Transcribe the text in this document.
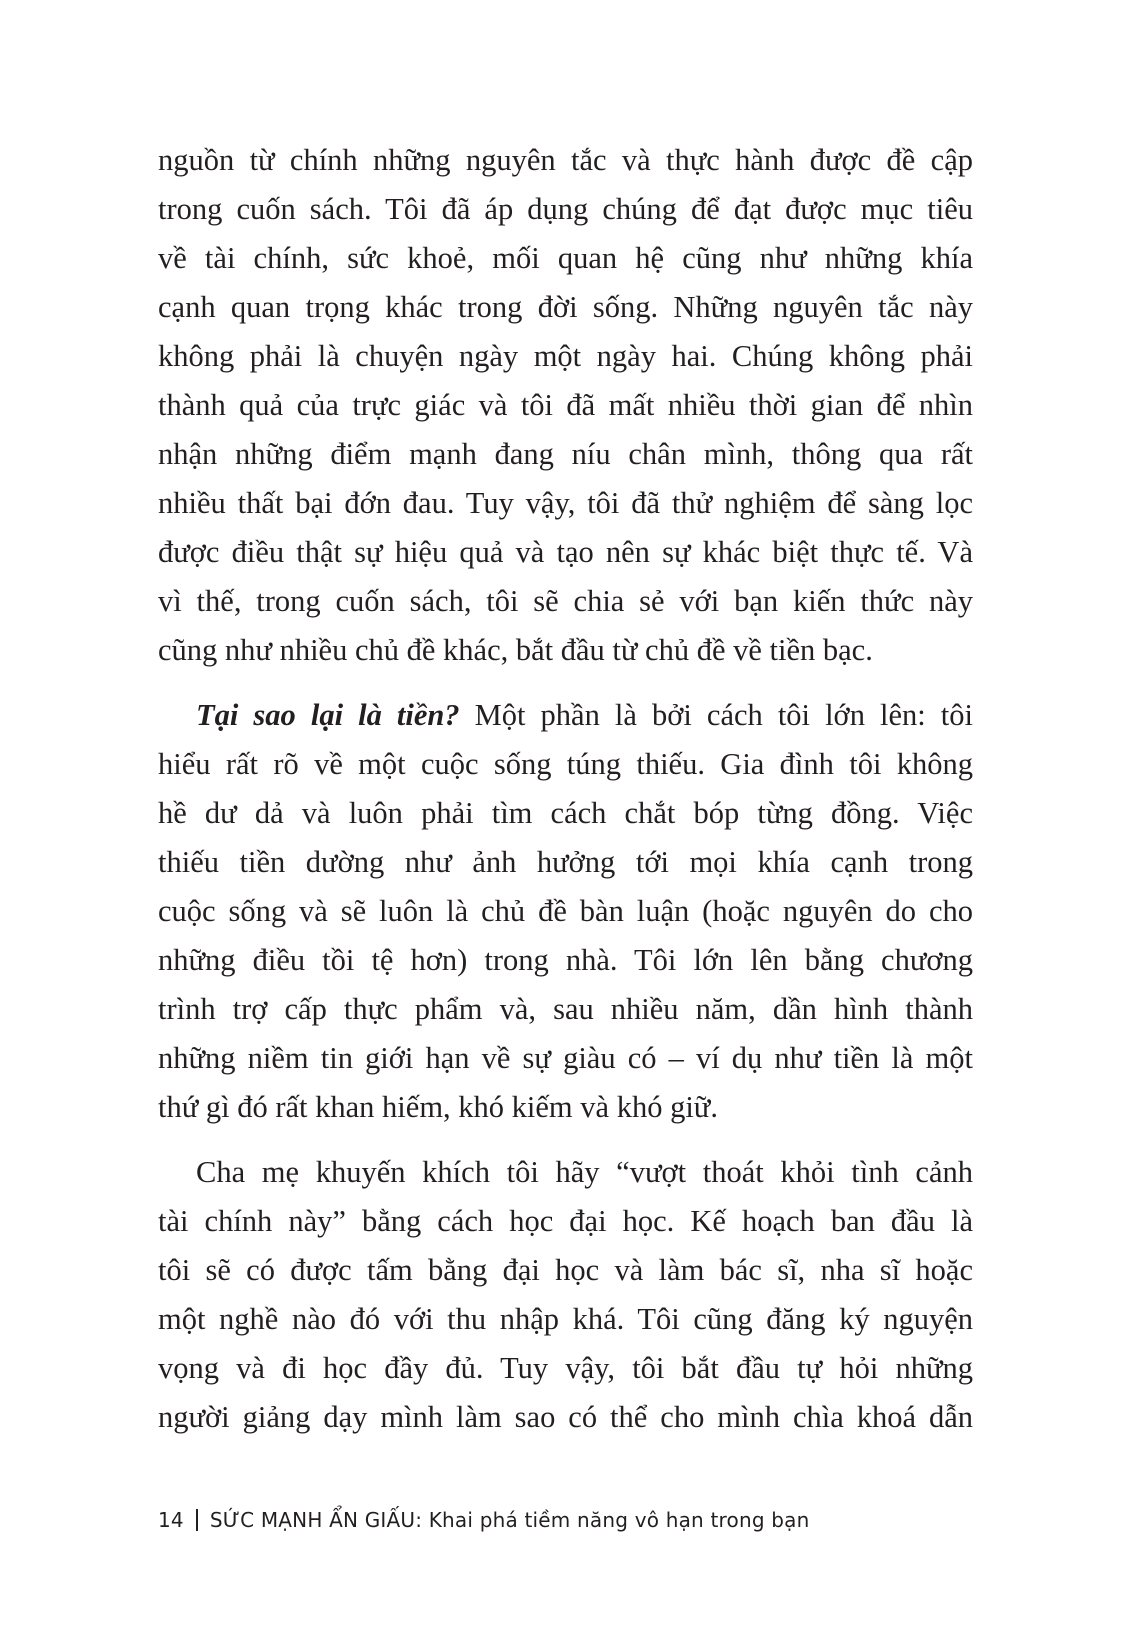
nguồn từ chính những nguyên tắc và thực hành được đề cập
trong cuốn sách. Tôi đã áp dụng chúng để đạt được mục tiêu
về tài chính, sức khoẻ, mối quan hệ cũng như những khía
cạnh quan trọng khác trong đời sống. Những nguyên tắc này
không phải là chuyện ngày một ngày hai. Chúng không phải
thành quả của trực giác và tôi đã mất nhiều thời gian để nhìn
nhận những điểm mạnh đang níu chân mình, thông qua rất
nhiều thất bại đớn đau. Tuy vậy, tôi đã thử nghiệm để sàng lọc
được điều thật sự hiệu quả và tạo nên sự khác biệt thực tế. Và
vì thế, trong cuốn sách, tôi sẽ chia sẻ với bạn kiến thức này
cũng như nhiều chủ đề khác, bắt đầu từ chủ đề về tiền bạc.

Tại sao lại là tiền? Một phần là bởi cách tôi lớn lên: tôi
hiểu rất rõ về một cuộc sống túng thiếu. Gia đình tôi không
hề dư dả và luôn phải tìm cách chắt bóp từng đồng. Việc
thiếu tiền dường như ảnh hưởng tới mọi khía cạnh trong
cuộc sống và sẽ luôn là chủ đề bàn luận (hoặc nguyên do cho
những điều tồi tệ hơn) trong nhà. Tôi lớn lên bằng chương
trình trợ cấp thực phẩm và, sau nhiều năm, dần hình thành
những niềm tin giới hạn về sự giàu có – ví dụ như tiền là một
thứ gì đó rất khan hiếm, khó kiếm và khó giữ.

Cha mẹ khuyến khích tôi hãy “vượt thoát khỏi tình cảnh
tài chính này” bằng cách học đại học. Kế hoạch ban đầu là
tôi sẽ có được tấm bằng đại học và làm bác sĩ, nha sĩ hoặc
một nghề nào đó với thu nhập khá. Tôi cũng đăng ký nguyện
vọng và đi học đầy đủ. Tuy vậy, tôi bắt đầu tự hỏi những
người giảng dạy mình làm sao có thể cho mình chìa khoá dẫn

14 SỨC MẠNH ẨN GIẤU: Khai phá tiềm năng vô hạn trong bạn
